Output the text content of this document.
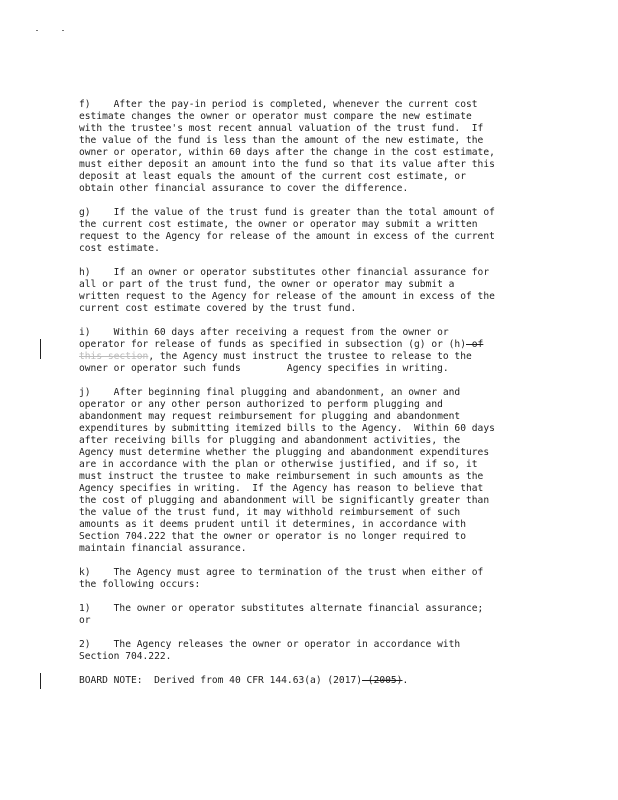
f)    After the pay-in period is completed, whenever the current cost
estimate changes the owner or operator must compare the new estimate
with the trustee's most recent annual valuation of the trust fund.  If
the value of the fund is less than the amount of the new estimate, the
owner or operator, within 60 days after the change in the cost estimate,
must either deposit an amount into the fund so that its value after this
deposit at least equals the amount of the current cost estimate, or
obtain other financial assurance to cover the difference.
g)    If the value of the trust fund is greater than the total amount of
the current cost estimate, the owner or operator may submit a written
request to the Agency for release of the amount in excess of the current
cost estimate.
h)    If an owner or operator substitutes other financial assurance for
all or part of the trust fund, the owner or operator may submit a
written request to the Agency for release of the amount in excess of the
current cost estimate covered by the trust fund.
i)    Within 60 days after receiving a request from the owner or
operator for release of funds as specified in subsection (g) or (h) of
this section, the Agency must instruct the trustee to release to the
owner or operator such funds        Agency specifies in writing.
j)    After beginning final plugging and abandonment, an owner and
operator or any other person authorized to perform plugging and
abandonment may request reimbursement for plugging and abandonment
expenditures by submitting itemized bills to the Agency.  Within 60 days
after receiving bills for plugging and abandonment activities, the
Agency must determine whether the plugging and abandonment expenditures
are in accordance with the plan or otherwise justified, and if so, it
must instruct the trustee to make reimbursement in such amounts as the
Agency specifies in writing.  If the Agency has reason to believe that
the cost of plugging and abandonment will be significantly greater than
the value of the trust fund, it may withhold reimbursement of such
amounts as it deems prudent until it determines, in accordance with
Section 704.222 that the owner or operator is no longer required to
maintain financial assurance.
k)    The Agency must agree to termination of the trust when either of
the following occurs:
1)    The owner or operator substitutes alternate financial assurance;
or
2)    The Agency releases the owner or operator in accordance with
Section 704.222.
BOARD NOTE:  Derived from 40 CFR 144.63(a) (2017) (2005).
